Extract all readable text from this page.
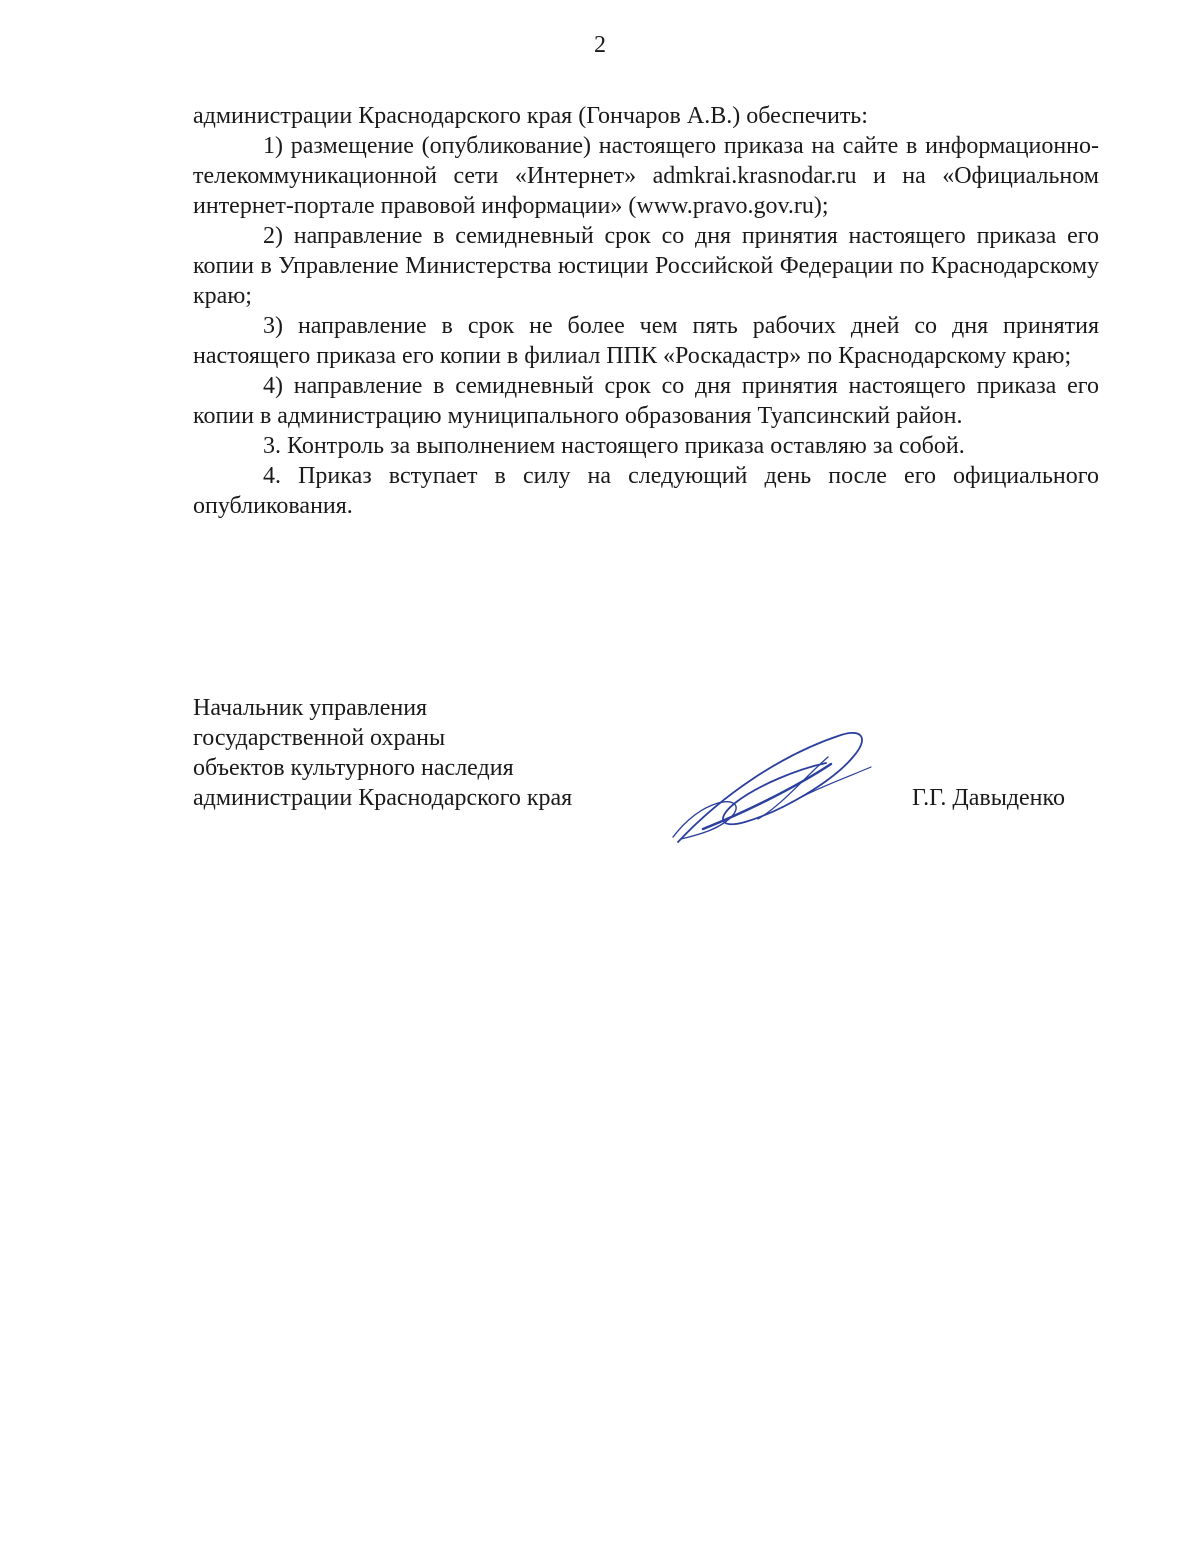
2

администрации Краснодарского края (Гончаров А.В.) обеспечить:

1) размещение (опубликование) настоящего приказа на сайте в информационно-телекоммуникационной сети «Интернет» admkrai.krasnodar.ru и на «Официальном интернет-портале правовой информации» (www.pravo.gov.ru);

2) направление в семидневный срок со дня принятия настоящего приказа его копии в Управление Министерства юстиции Российской Федерации по Краснодарскому краю;

3) направление в срок не более чем пять рабочих дней со дня принятия настоящего приказа его копии в филиал ППК «Роскадастр» по Краснодарскому краю;

4) направление в семидневный срок со дня принятия настоящего приказа его копии в администрацию муниципального образования Туапсинский район.

3. Контроль за выполнением настоящего приказа оставляю за собой.

4. Приказ вступает в силу на следующий день после его официального опубликования.

Начальник управления
государственной охраны
объектов культурного наследия
администрации Краснодарского края	Г.Г. Давыденко
